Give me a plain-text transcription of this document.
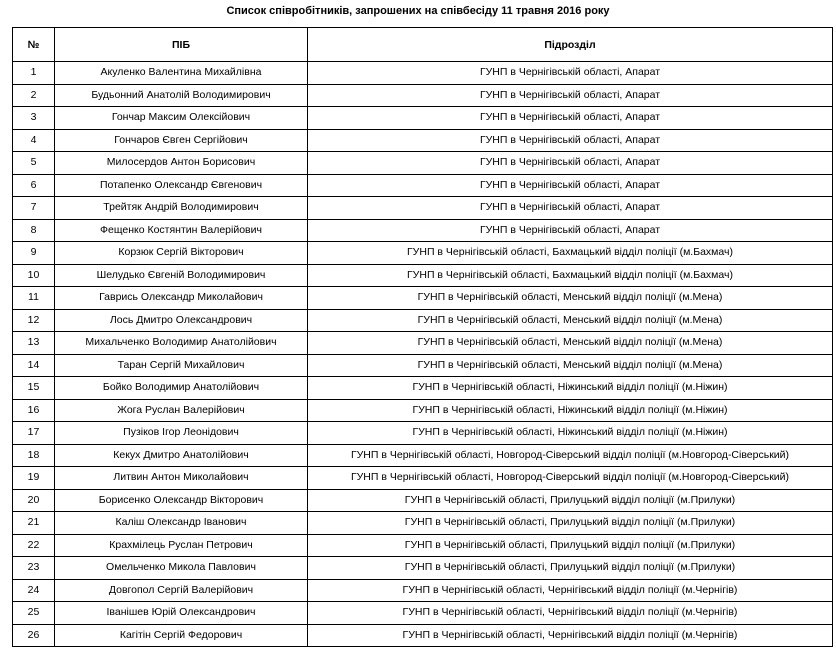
Список співробітників, запрошених на співбесіду 11 травня 2016 року
№	ПІБ	Підрозділ
1	Акуленко Валентина Михайлівна	ГУНП в Чернігівській області, Апарат
2	Будьонний Анатолій Володимирович	ГУНП в Чернігівській області, Апарат
3	Гончар Максим Олексійович	ГУНП в Чернігівській області, Апарат
4	Гончаров Євген Сергійович	ГУНП в Чернігівській області, Апарат
5	Милосердов Антон Борисович	ГУНП в Чернігівській області, Апарат
6	Потапенко Олександр Євгенович	ГУНП в Чернігівській області, Апарат
7	Трейтяк Андрій Володимирович	ГУНП в Чернігівській області, Апарат
8	Фещенко Костянтин Валерійович	ГУНП в Чернігівській області, Апарат
9	Корзюк Сергій Вікторович	ГУНП в Чернігівській області, Бахмацький відділ поліції (м.Бахмач)
10	Шелудько Євгеній Володимирович	ГУНП в Чернігівській області, Бахмацький відділ поліції (м.Бахмач)
11	Гаврись Олександр Миколайович	ГУНП в Чернігівській області, Менський відділ поліції (м.Мена)
12	Лось Дмитро Олександрович	ГУНП в Чернігівській області, Менський відділ поліції (м.Мена)
13	Михальченко Володимир Анатолійович	ГУНП в Чернігівській області, Менський відділ поліції (м.Мена)
14	Таран Сергій Михайлович	ГУНП в Чернігівській області, Менський відділ поліції (м.Мена)
15	Бойко Володимир Анатолійович	ГУНП в Чернігівській області, Ніжинський відділ поліції (м.Ніжин)
16	Жога Руслан Валерійович	ГУНП в Чернігівській області, Ніжинський відділ поліції (м.Ніжин)
17	Пузіков Ігор Леонідович	ГУНП в Чернігівській області, Ніжинський відділ поліції (м.Ніжин)
18	Кекух Дмитро Анатолійович	ГУНП в Чернігівській області, Новгород-Сіверський відділ поліції (м.Новгород-Сіверський)
19	Литвин Антон Миколайович	ГУНП в Чернігівській області, Новгород-Сіверський відділ поліції (м.Новгород-Сіверський)
20	Борисенко Олександр Вікторович	ГУНП в Чернігівській області, Прилуцький відділ поліції (м.Прилуки)
21	Каліш Олександр Іванович	ГУНП в Чернігівській області, Прилуцький відділ поліції (м.Прилуки)
22	Крахмілець Руслан Петрович	ГУНП в Чернігівській області, Прилуцький відділ поліції (м.Прилуки)
23	Омельченко Микола Павлович	ГУНП в Чернігівській області, Прилуцький відділ поліції (м.Прилуки)
24	Довгопол Сергій Валерійович	ГУНП в Чернігівській області, Чернігівський відділ поліції (м.Чернігів)
25	Іванішев Юрій Олександрович	ГУНП в Чернігівській області, Чернігівський відділ поліції (м.Чернігів)
26	Кагітін Сергій Федорович	ГУНП в Чернігівській області, Чернігівський відділ поліції (м.Чернігів)
